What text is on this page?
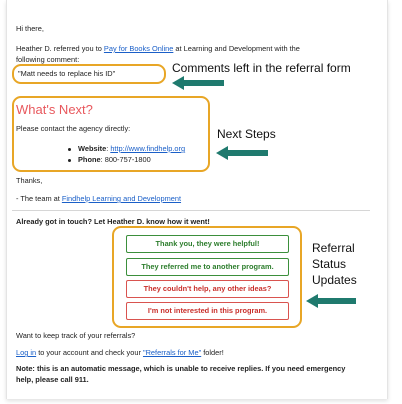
Hi there,
Heather D. referred you to Pay for Books Online at Learning and Development with the
following comment:
"Matt needs to replace his ID"	Comments left in the referral form
What's Next?
Please contact the agency directly:
Website: http://www.findhelp.org
Phone: 800-757-1800
Next Steps
Thanks,
- The team at Findhelp Learning and Development
Already got in touch? Let Heather D. know how it went!
Thank you, they were helpful!
They referred me to another program.
They couldn't help, any other ideas?
I'm not interested in this program.
Referral
Status
Updates
Want to keep track of your referrals?
Log in to your account and check your "Referrals for Me" folder!
Note: this is an automatic message, which is unable to receive replies. If you need emergency
help, please call 911.
